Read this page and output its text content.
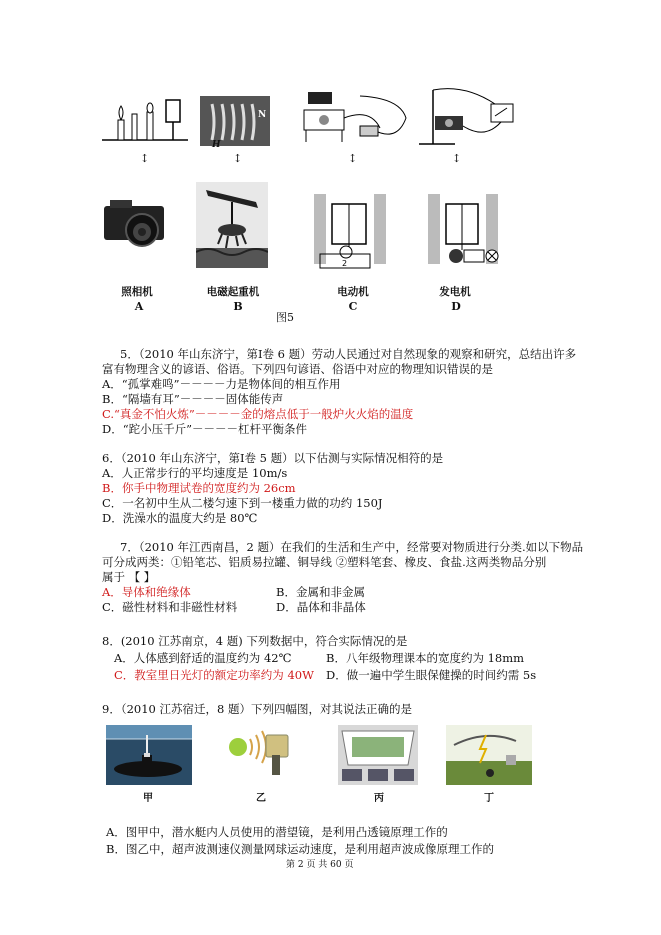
H
N
↕	↕	↕	↕
2
照相机	电磁起重机	电动机	发电机
A	B	C	D
图5
5．（2010 年山东济宁，第Ⅰ卷 6 题）劳动人民通过对自然现象的观察和研究，总结出许多
富有物理含义的谚语、俗语。下列四句谚语、俗语中对应的物理知识错误的是
A．“孤掌难鸣”－－－－力是物体间的相互作用
B．“隔墙有耳”－－－－固体能传声
C.“真金不怕火炼”－－－－金的熔点低于一般炉火火焰的温度
D．“跎小压千斤”－－－－杠杆平衡条件
6．（2010 年山东济宁，第Ⅰ卷 5 题）以下估测与实际情况相符的是
A．人正常步行的平均速度是 10m/s
B．你手中物理试卷的宽度约为 26cm
C．一名初中生从二楼匀速下到一楼重力做的功约 150J
D．洗澡水的温度大约是 80℃
7．（2010 年江西南昌，2 题）在我们的生活和生产中，经常要对物质进行分类.如以下物品
可分成两类：①铅笔芯、铝质易拉罐、铜导线 ②塑料笔套、橡皮、食盐.这两类物品分别
属于 【 】
A．导体和绝缘体	B．金属和非金属
C．磁性材料和非磁性材料	D．晶体和非晶体
8．(2010 江苏南京，4 题) 下列数据中，符合实际情况的是
A．人体感到舒适的温度约为 42℃	B．八年级物理课本的宽度约为 18mm
C．教室里日光灯的额定功率约为 40W D．做一遍中学生眼保健操的时间约需 5s
9．（2010 江苏宿迁，8 题）下列四幅图，对其说法正确的是
甲	乙	丙	丁
A．图甲中，潜水艇内人员使用的潜望镜，是利用凸透镜原理工作的
B．图乙中，超声波测速仪测量网球运动速度，是利用超声波成像原理工作的
第 2 页 共 60 页
